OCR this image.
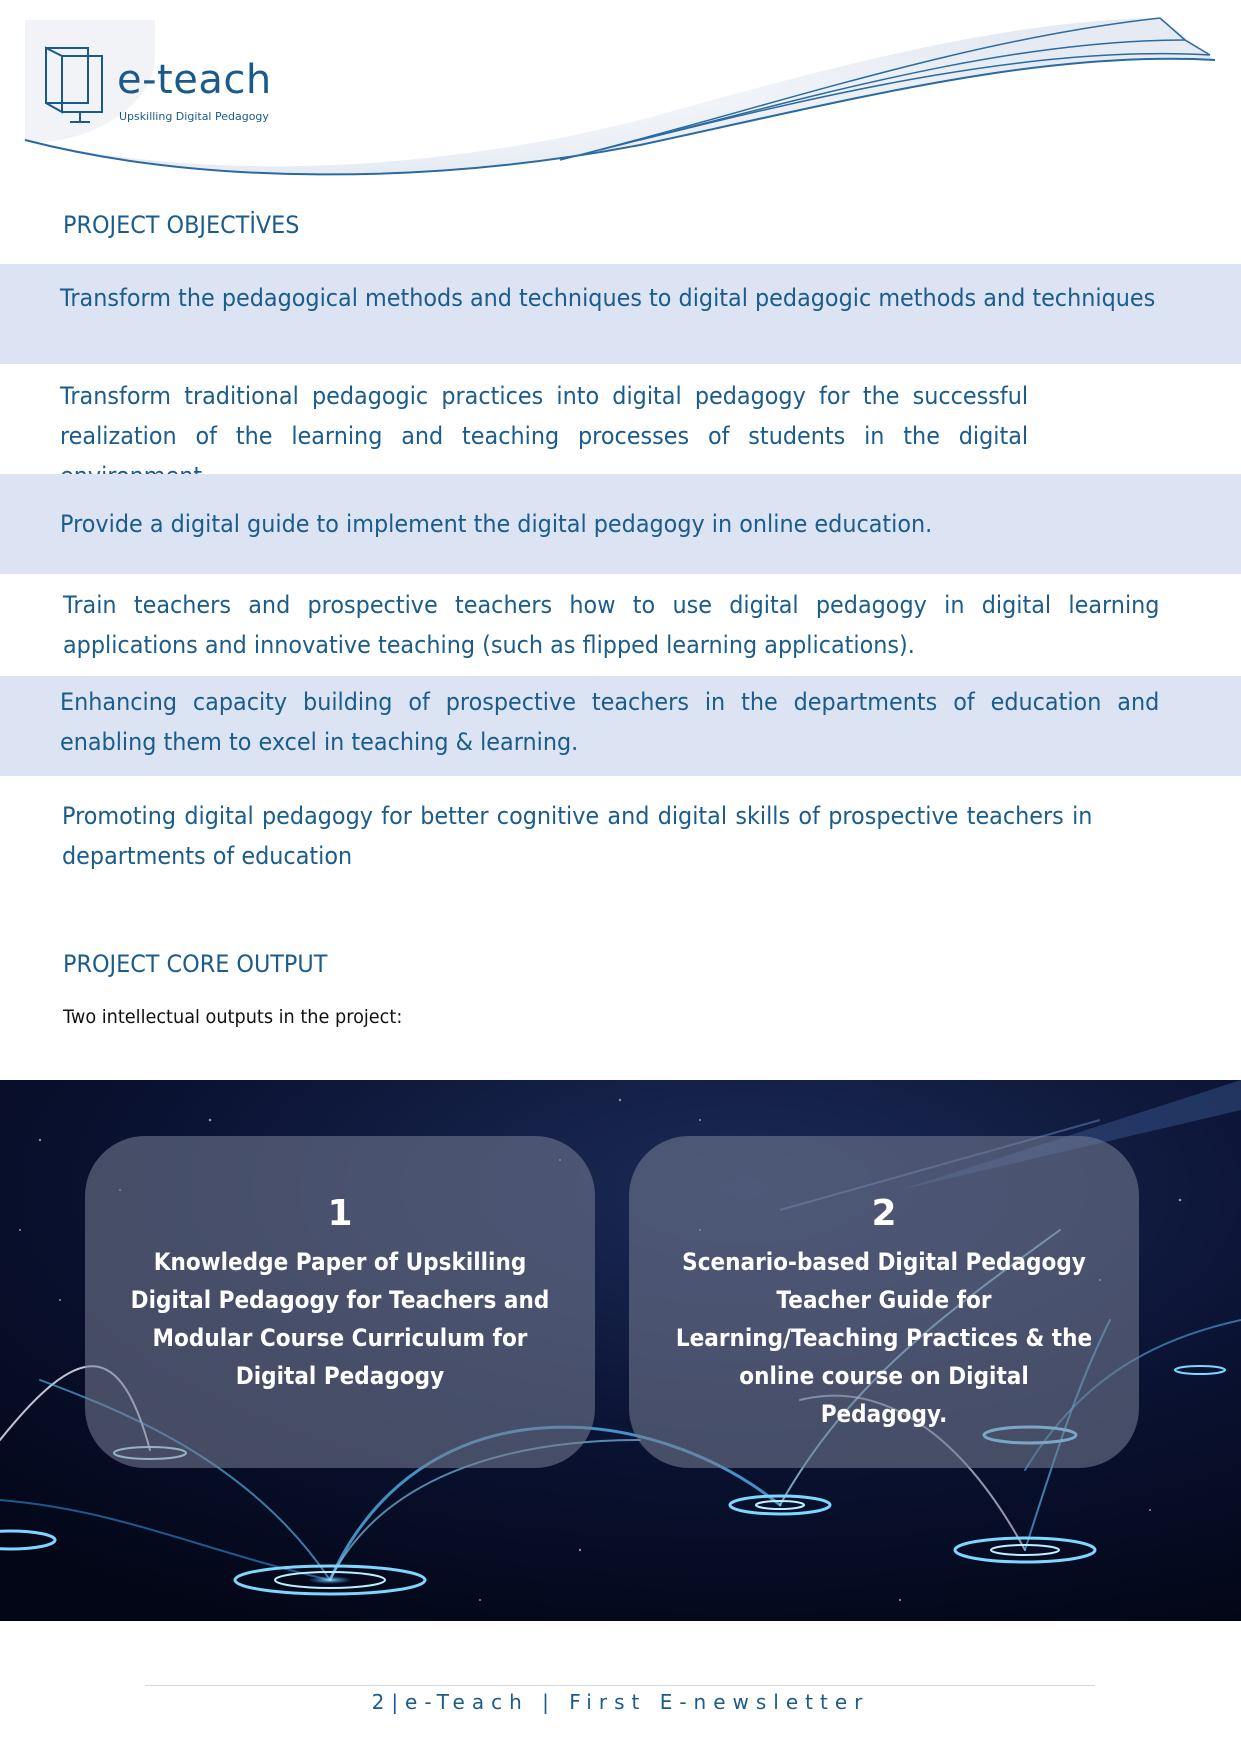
e-teach
Upskilling Digital Pedagogy
PROJECT OBJECTİVES
Transform the pedagogical methods and techniques to digital pedagogic methods and techniques
Transform traditional pedagogic practices into digital pedagogy for the successful realization of the learning and teaching processes of students in the digital
Provide a digital guide to implement the digital pedagogy in online education.
Train teachers and prospective teachers how to use digital pedagogy in digital learning applications and innovative teaching (such as flipped learning applications).
Enhancing capacity building of prospective teachers in the departments of education and enabling them to excel in teaching & learning.
Promoting digital pedagogy for better cognitive and digital skills of prospective teachers in departments of education
PROJECT CORE OUTPUT
Two intellectual outputs in the project:
1
Knowledge Paper of Upskilling Digital Pedagogy for Teachers and Modular Course Curriculum for Digital Pedagogy
2
Scenario-based Digital Pedagogy Teacher Guide for Learning/Teaching Practices & the online course on Digital Pedagogy.
2|e-Teach | First E-newsletter
